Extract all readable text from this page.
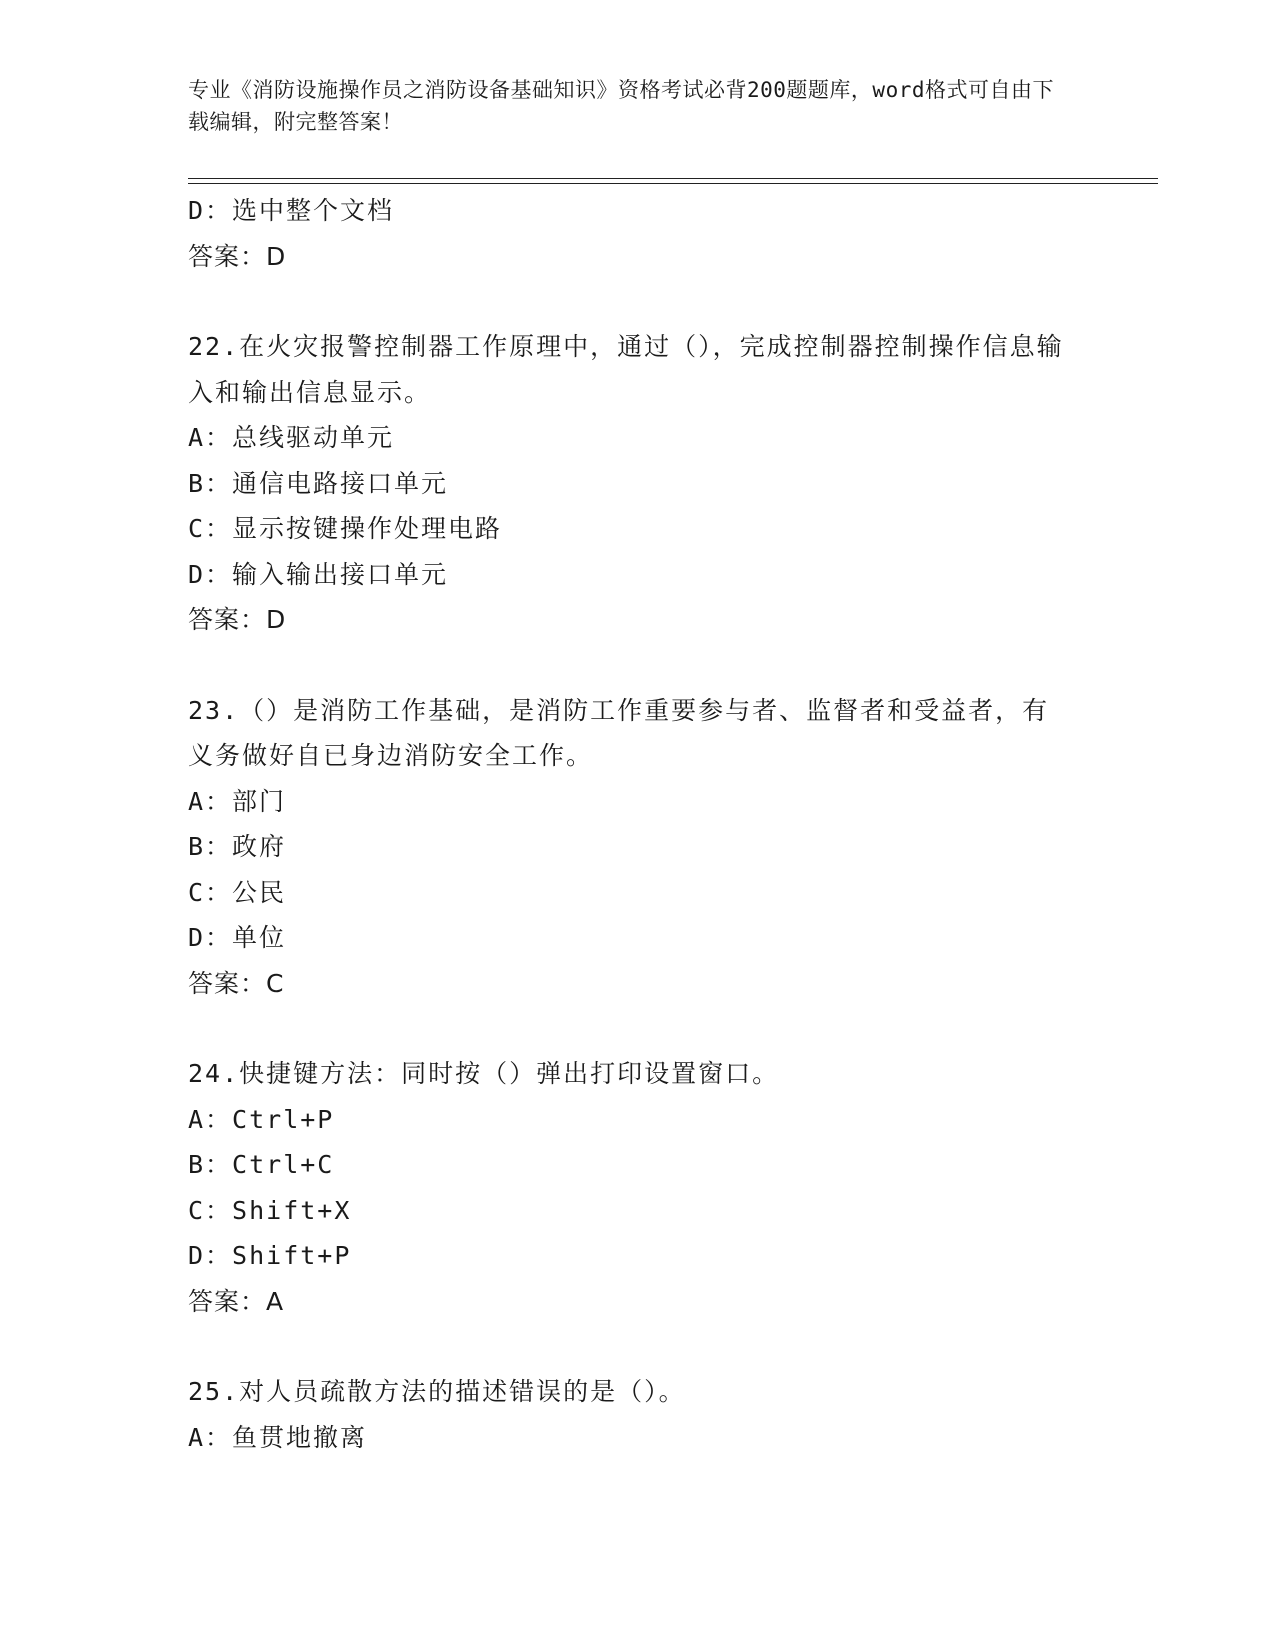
专业《消防设施操作员之消防设备基础知识》资格考试必背200题题库，word格式可自由下载编辑，附完整答案！
D：选中整个文档
答案：D
22.在火灾报警控制器工作原理中，通过（），完成控制器控制操作信息输入和输出信息显示。
A：总线驱动单元
B：通信电路接口单元
C：显示按键操作处理电路
D：输入输出接口单元
答案：D
23.（）是消防工作基础，是消防工作重要参与者、监督者和受益者，有义务做好自已身边消防安全工作。
A：部门
B：政府
C：公民
D：单位
答案：C
24.快捷键方法：同时按（）弹出打印设置窗口。
A：Ctrl+P
B：Ctrl+C
C：Shift+X
D：Shift+P
答案：A
25.对人员疏散方法的描述错误的是（）。
A：鱼贯地撤离
